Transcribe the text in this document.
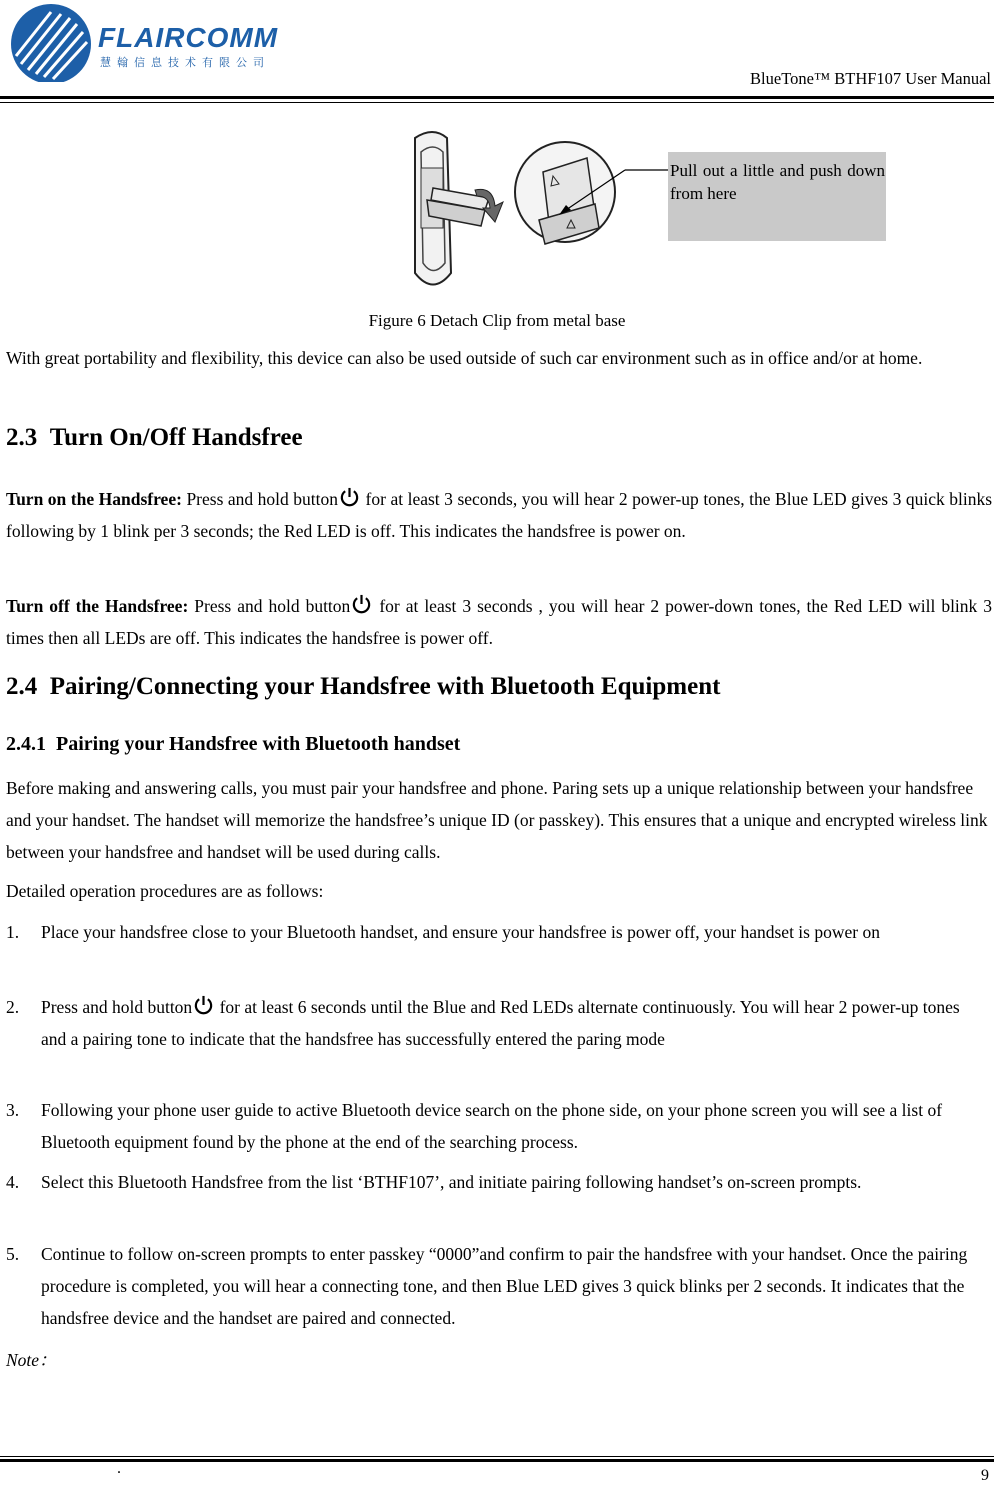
FLAIRCOMM
慧翰信息技术有限公司
BlueTone™ BTHF107 User Manual
Pull out a little and push down from here
Figure 6 Detach Clip from metal base
With great portability and flexibility, this device can also be used outside of such car environment such as in office and/or at home.
2.3 Turn On/Off Handsfree
Turn on the Handsfree: Press and hold button for at least 3 seconds, you will hear 2 power-up tones, the Blue LED gives 3 quick blinks following by 1 blink per 3 seconds; the Red LED is off. This indicates the handsfree is power on.
Turn off the Handsfree: Press and hold button for at least 3 seconds , you will hear 2 power-down tones, the Red LED will blink 3 times then all LEDs are off. This indicates the handsfree is power off.
2.4 Pairing/Connecting your Handsfree with Bluetooth Equipment
2.4.1 Pairing your Handsfree with Bluetooth handset
Before making and answering calls, you must pair your handsfree and phone. Paring sets up a unique relationship between your handsfree and your handset. The handset will memorize the handsfree’s unique ID (or passkey). This ensures that a unique and encrypted wireless link between your handsfree and handset will be used during calls.
Detailed operation procedures are as follows:
1. Place your handsfree close to your Bluetooth handset, and ensure your handsfree is power off, your handset is power on
2. Press and hold button for at least 6 seconds until the Blue and Red LEDs alternate continuously. You will hear 2 power-up tones and a pairing tone to indicate that the handsfree has successfully entered the paring mode
3. Following your phone user guide to active Bluetooth device search on the phone side, on your phone screen you will see a list of Bluetooth equipment found by the phone at the end of the searching process.
4. Select this Bluetooth Handsfree from the list ‘BTHF107’, and initiate pairing following handset’s on-screen prompts.
5. Continue to follow on-screen prompts to enter passkey “0000”and confirm to pair the handsfree with your handset. Once the pairing procedure is completed, you will hear a connecting tone, and then Blue LED gives 3 quick blinks per 2 seconds. It indicates that the handsfree device and the handset are paired and connected.
Note：
.	9
